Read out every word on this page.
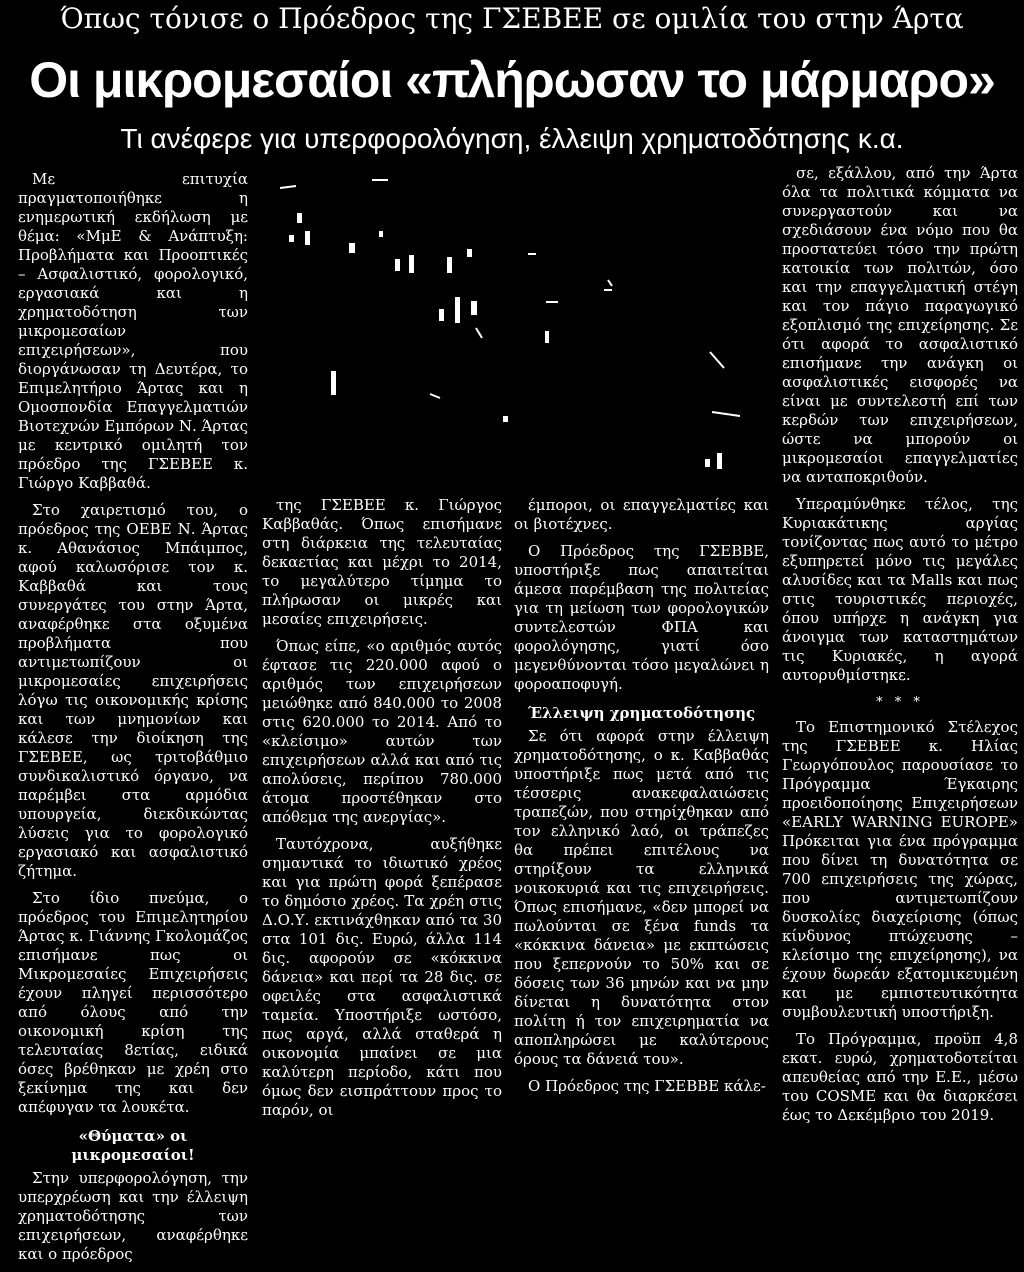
Όπως τόνισε ο Πρόεδρος της ΓΣΕΒΕΕ σε ομιλία του στην Άρτα
Οι μικρομεσαίοι «πλήρωσαν το μάρμαρο»
Τι ανέφερε για υπερφορολόγηση, έλλειψη χρηματοδότησης κ.α.

Με επιτυχία πραγματοποιήθηκε η ενημερωτική εκδήλωση με θέμα: «ΜμΕ & Ανάπτυξη: Προβλήματα και Προοπτικές – Ασφαλιστικό, φορολογικό, εργασιακά και η χρηματοδότηση των μικρομεσαίων επιχειρήσεων», που διοργάνωσαν τη Δευτέρα, το Επιμελητήριο Άρτας και η Ομοσπονδία Επαγγελματιών Βιοτεχνών Εμπόρων Ν. Άρτας με κεντρικό ομιλητή τον πρόεδρο της ΓΣΕΒΕΕ κ. Γιώργο Καββαθά.

Στο χαιρετισμό του, ο πρόεδρος της ΟΕΒΕ Ν. Άρτας κ. Αθανάσιος Μπάιμπος, αφού καλωσόρισε τον κ. Καββαθά και τους συνεργάτες του στην Άρτα, αναφέρθηκε στα οξυμένα προβλήματα που αντιμετωπίζουν οι μικρομεσαίες επιχειρήσεις λόγω τις οικονομικής κρίσης και των μνημονίων και κάλεσε την διοίκηση της ΓΣΕΒΕΕ, ως τριτοβάθμιο συνδικαλιστικό όργανο, να παρέμβει στα αρμόδια υπουργεία, διεκδικώντας λύσεις για το φορολογικό εργασιακό και ασφαλιστικό ζήτημα.

Στο ίδιο πνεύμα, ο πρόεδρος του Επιμελητηρίου Άρτας κ. Γιάννης Γκολομάζος επισήμανε πως οι Μικρομεσαίες Επιχειρήσεις έχουν πληγεί περισσότερο από όλους από την οικονομική κρίση της τελευταίας 8ετίας, ειδικά όσες βρέθηκαν με χρέη στο ξεκίνημα της και δεν απέφυγαν τα λουκέτα.

«Θύματα» οι μικρομεσαίοι!

Στην υπερφορολόγηση, την υπερχρέωση και την έλλειψη χρηματοδότησης των επιχειρήσεων, αναφέρθηκε και ο πρόεδρος

της ΓΣΕΒΕΕ κ. Γιώργος Καββαθάς. Όπως επισήμανε στη διάρκεια της τελευταίας δεκαετίας και μέχρι το 2014, το μεγαλύτερο τίμημα το πλήρωσαν οι μικρές και μεσαίες επιχειρήσεις.

Όπως είπε, «ο αριθμός αυτός έφτασε τις 220.000 αφού ο αριθμός των επιχειρήσεων μειώθηκε από 840.000 το 2008 στις 620.000 το 2014. Από το «κλείσιμο» αυτών των επιχειρήσεων αλλά και από τις απολύσεις, περίπου 780.000 άτομα προστέθηκαν στο απόθεμα της ανεργίας».

Ταυτόχρονα, αυξήθηκε σημαντικά το ιδιωτικό χρέος και για πρώτη φορά ξεπέρασε το δημόσιο χρέος. Τα χρέη στις Δ.Ο.Υ. εκτινάχθηκαν από τα 30 στα 101 δις. Ευρώ, άλλα 114 δις. αφορούν σε «κόκκινα δάνεια» και περί τα 28 δις. σε οφειλές στα ασφαλιστικά ταμεία. Υποστήριξε ωστόσο, πως αργά, αλλά σταθερά η οικονομία μπαίνει σε μια καλύτερη περίοδο, κάτι που όμως δεν εισπράττουν προς το παρόν, οι

έμποροι, οι επαγγελματίες και οι βιοτέχνες.

Ο Πρόεδρος της ΓΣΕΒΒΕ, υποστήριξε πως απαιτείται άμεσα παρέμβαση της πολιτείας για τη μείωση των φορολογικών συντελεστών ΦΠΑ και φορολόγησης, γιατί όσο μεγενθύνονται τόσο μεγαλώνει η φοροαποφυγή.

Έλλειψη χρηματοδότησης

Σε ότι αφορά στην έλλειψη χρηματοδότησης, ο κ. Καββαθάς υποστήριξε πως μετά από τις τέσσερις ανακεφαλαιώσεις τραπεζών, που στηρίχθηκαν από τον ελληνικό λαό, οι τράπεζες θα πρέπει επιτέλους να στηρίξουν τα ελληνικά νοικοκυριά και τις επιχειρήσεις. Όπως επισήμανε, «δεν μπορεί να πωλούνται σε ξένα funds τα «κόκκινα δάνεια» με εκπτώσεις που ξεπερνούν το 50% και σε δόσεις των 36 μηνών και να μην δίνεται η δυνατότητα στον πολίτη ή τον επιχειρηματία να αποπληρώσει με καλύτερους όρους τα δάνειά του».

Ο Πρόεδρος της ΓΣΕΒΒΕ κάλε-

σε, εξάλλου, από την Άρτα όλα τα πολιτικά κόμματα να συνεργαστούν και να σχεδιάσουν ένα νόμο που θα προστατεύει τόσο την πρώτη κατοικία των πολιτών, όσο και την επαγγελματική στέγη και τον πάγιο παραγωγικό εξοπλισμό της επιχείρησης. Σε ότι αφορά το ασφαλιστικό επισήμανε την ανάγκη οι ασφαλιστικές εισφορές να είναι με συντελεστή επί των κερδών των επιχειρήσεων, ώστε να μπορούν οι μικρομεσαίοι επαγγελματίες να ανταποκριθούν.

Υπεραμύνθηκε τέλος, της Κυριακάτικης αργίας τονίζοντας πως αυτό το μέτρο εξυπηρετεί μόνο τις μεγάλες αλυσίδες και τα Malls και πως στις τουριστικές περιοχές, όπου υπήρχε η ανάγκη για άνοιγμα των καταστημάτων τις Κυριακές, η αγορά αυτορυθμίστηκε.

* * *

Το Επιστημονικό Στέλεχος της ΓΣΕΒΕΕ κ. Ηλίας Γεωργόπουλος παρουσίασε το Πρόγραμμα Έγκαιρης προειδοποίησης Επιχειρήσεων «EARLY WARNING EUROPE» Πρόκειται για ένα πρόγραμμα που δίνει τη δυνατότητα σε 700 επιχειρήσεις της χώρας, που αντιμετωπίζουν δυσκολίες διαχείρισης (όπως κίνδυνος πτώχευσης – κλείσιμο της επιχείρησης), να έχουν δωρεάν εξατομικευμένη και με εμπιστευτικότητα συμβουλευτική υποστήριξη.

Το Πρόγραμμα, προϋπ 4,8 εκατ. ευρώ, χρηματοδοτείται απευθείας από την Ε.Ε., μέσω του COSME και θα διαρκέσει έως το Δεκέμβριο του 2019.
